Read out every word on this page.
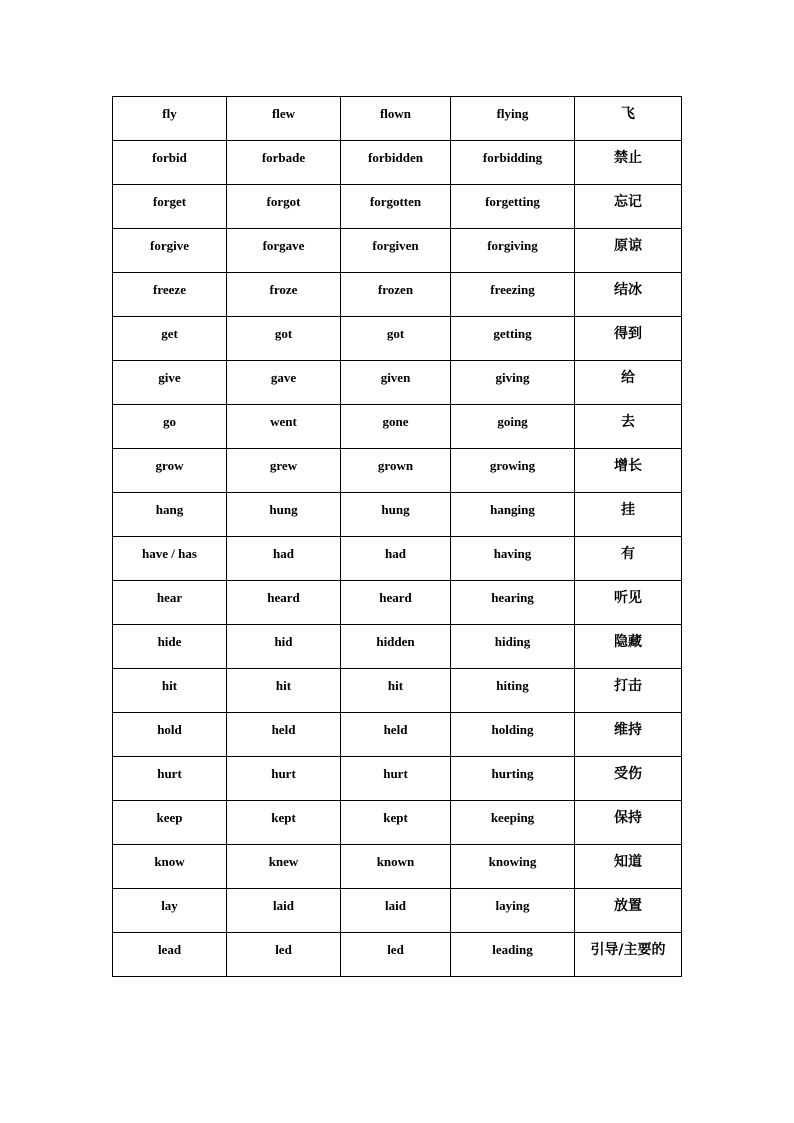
fly	flew	flown	flying	飞

forbid	forbade	forbidden	forbidding	禁止

forget	forgot	forgotten	forgetting	忘记

forgive	forgave	forgiven	forgiving	原谅

freeze	froze	frozen	freezing	结冰

get	got	got	getting	得到

give	gave	given	giving	给

go	went	gone	going	去

grow	grew	grown	growing	增长

hang	hung	hung	hanging	挂

have / has	had	had	having	有

hear	heard	heard	hearing	听见

hide	hid	hidden	hiding	隐藏

hit	hit	hit	hiting	打击

hold	held	held	holding	维持

hurt	hurt	hurt	hurting	受伤

keep	kept	kept	keeping	保持

know	knew	known	knowing	知道

lay	laid	laid	laying	放置

lead	led	led	leading	引导/主要的
